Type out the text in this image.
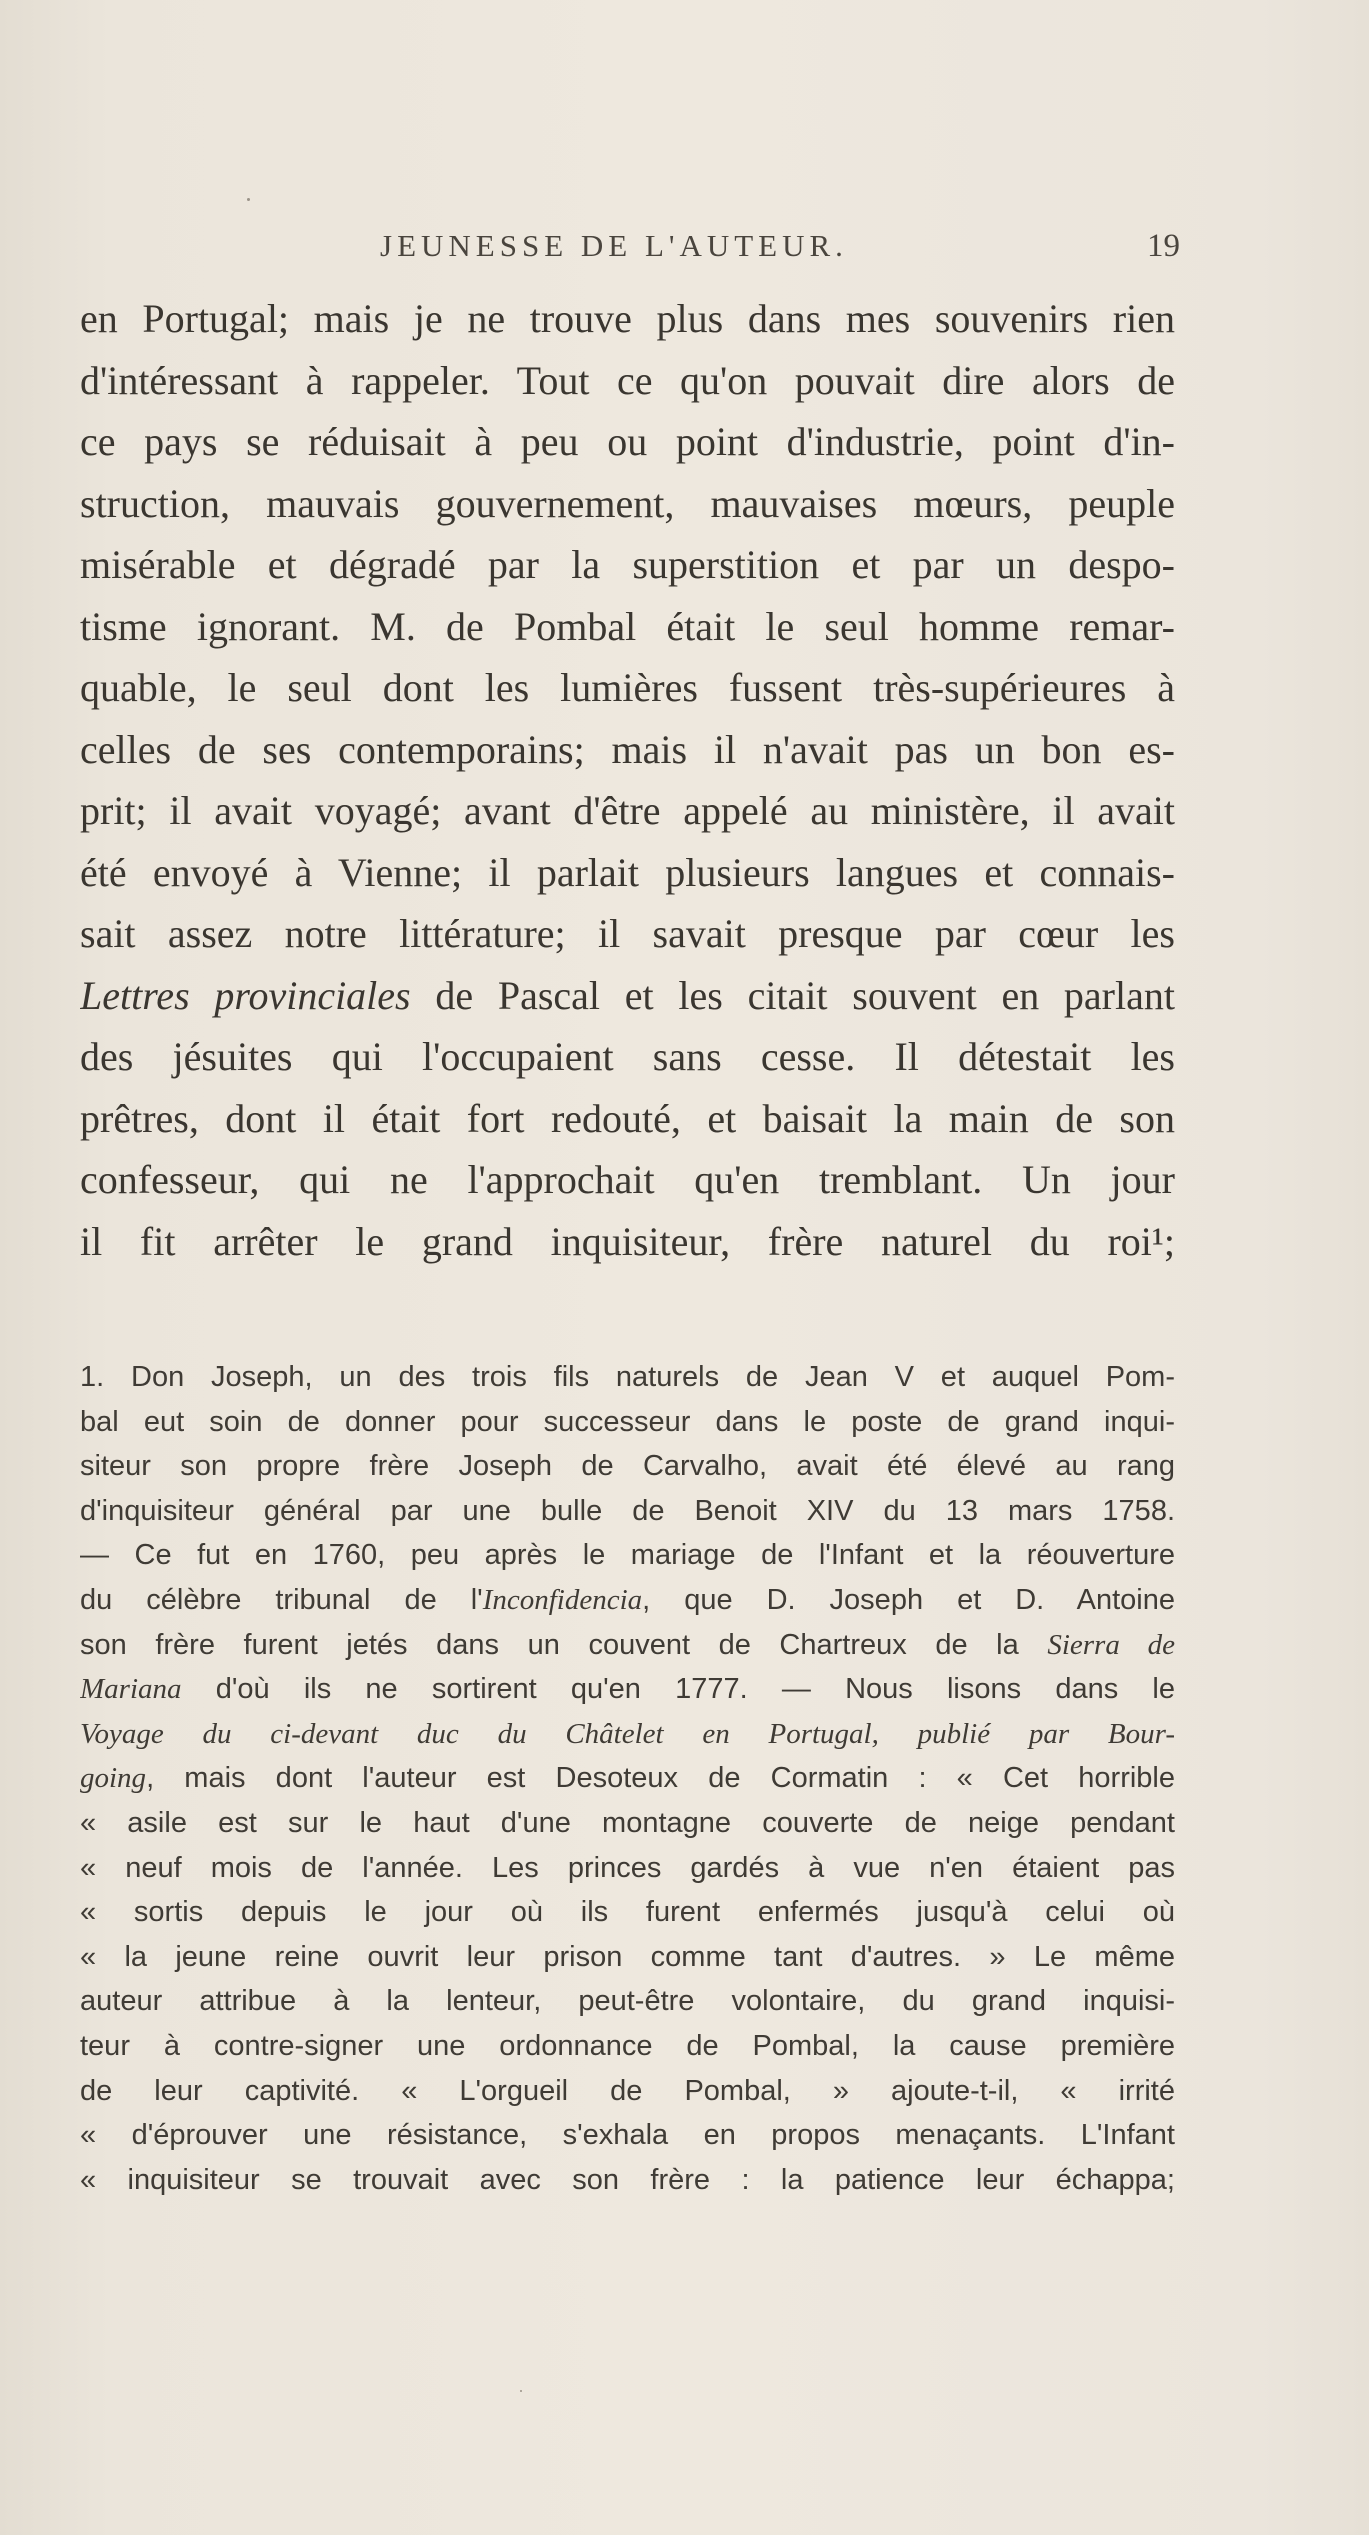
JEUNESSE DE L'AUTEUR.	19
en Portugal; mais je ne trouve plus dans mes souvenirs rien
d'intéressant à rappeler. Tout ce qu'on pouvait dire alors de
ce pays se réduisait à peu ou point d'industrie, point d'in-
struction, mauvais gouvernement, mauvaises mœurs, peuple
misérable et dégradé par la superstition et par un despo-
tisme ignorant. M. de Pombal était le seul homme remar-
quable, le seul dont les lumières fussent très-supérieures à
celles de ses contemporains; mais il n'avait pas un bon es-
prit; il avait voyagé; avant d'être appelé au ministère, il avait
été envoyé à Vienne; il parlait plusieurs langues et connais-
sait assez notre littérature; il savait presque par cœur les
Lettres provinciales de Pascal et les citait souvent en parlant
des jésuites qui l'occupaient sans cesse. Il détestait les
prêtres, dont il était fort redouté, et baisait la main de son
confesseur, qui ne l'approchait qu'en tremblant. Un jour
il fit arrêter le grand inquisiteur, frère naturel du roi¹;
1. Don Joseph, un des trois fils naturels de Jean V et auquel Pom-
bal eut soin de donner pour successeur dans le poste de grand inqui-
siteur son propre frère Joseph de Carvalho, avait été élevé au rang
d'inquisiteur général par une bulle de Benoit XIV du 13 mars 1758.
— Ce fut en 1760, peu après le mariage de l'Infant et la réouverture
du célèbre tribunal de l'Inconfidencia, que D. Joseph et D. Antoine
son frère furent jetés dans un couvent de Chartreux de la Sierra de
Mariana d'où ils ne sortirent qu'en 1777. — Nous lisons dans le
Voyage du ci-devant duc du Châtelet en Portugal, publié par Bour-
going, mais dont l'auteur est Desoteux de Cormatin : « Cet horrible
« asile est sur le haut d'une montagne couverte de neige pendant
« neuf mois de l'année. Les princes gardés à vue n'en étaient pas
« sortis depuis le jour où ils furent enfermés jusqu'à celui où
« la jeune reine ouvrit leur prison comme tant d'autres. » Le même
auteur attribue à la lenteur, peut-être volontaire, du grand inquisi-
teur à contre-signer une ordonnance de Pombal, la cause première
de leur captivité. « L'orgueil de Pombal, » ajoute-t-il, « irrité
« d'éprouver une résistance, s'exhala en propos menaçants. L'Infant
« inquisiteur se trouvait avec son frère : la patience leur échappa;
